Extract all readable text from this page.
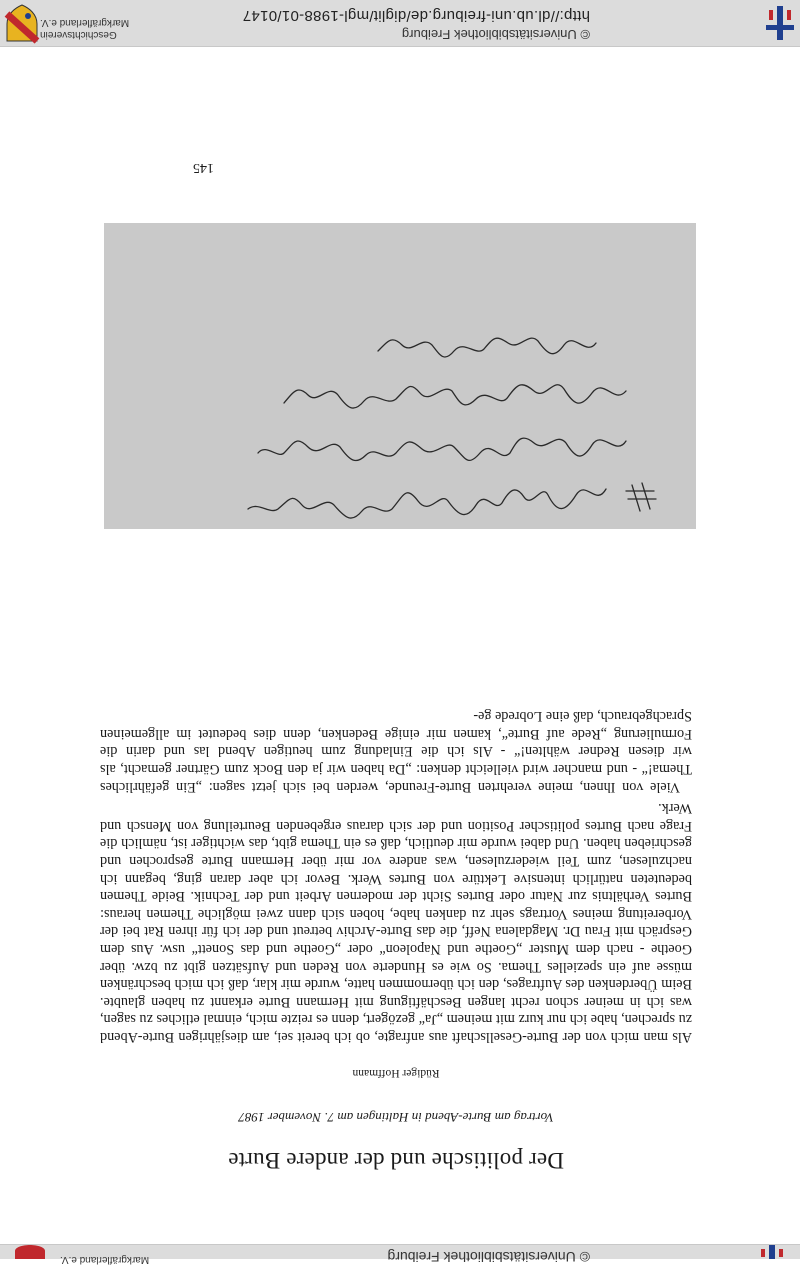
© Universitätsbibliothek Freiburg
http://dl.ub.uni-freiburg.de/diglit/mgl-1988-01/0147
Geschichtsverein
Markgräflerland e.V.
© Universitätsbibliothek Freiburg
Markgräflerland e.V.
Der politische und der andere Burte
Vortrag am Burte-Abend in Haltingen am 7. November 1987
Rüdiger Hoffmann

Als man mich von der Burte-Gesellschaft aus anfragte, ob ich bereit sei, am diesjährigen Burte-Abend zu sprechen, habe ich nur kurz mit meinem „Ja“ gezögert, denn es reizte mich, einmal etliches zu sagen, was ich in meiner schon recht langen Beschäftigung mit Hermann Burte erkannt zu haben glaubte. Beim Überdenken des Auftrages, den ich übernommen hatte, wurde mir klar, daß ich mich beschränken müsse auf ein spezielles Thema. So wie es Hunderte von Reden und Aufsätzen gibt zu bzw. über Goethe - nach dem Muster „Goethe und Napoleon“ oder „Goethe und das Sonett“ usw. Aus dem Gespräch mit Frau Dr. Magdalena Neff, die das Burte-Archiv betreut und der ich für ihren Rat bei der Vorbereitung meines Vortrags sehr zu danken habe, hoben sich dann zwei mögliche Themen heraus: Burtes Verhältnis zur Natur oder Burtes Sicht der modernen Arbeit und der Technik. Beide Themen bedeuteten natürlich intensive Lektüre von Burtes Werk. Bevor ich aber daran ging, begann ich nachzulesen, zum Teil wiederzulesen, was andere vor mir über Hermann Burte gesprochen und geschrieben haben. Und dabei wurde mir deutlich, daß es ein Thema gibt, das wichtiger ist, nämlich die Frage nach Burtes politischer Position und der sich daraus ergebenden Beurteilung von Mensch und Werk.

Viele von Ihnen, meine verehrten Burte-Freunde, werden bei sich jetzt sagen: „Ein gefährliches Thema!“ - und mancher wird vielleicht denken: „Da haben wir ja den Bock zum Gärtner gemacht, als wir diesen Redner wählten!“ - Als ich die Einladung zum heutigen Abend las und darin die Formulierung „Rede auf Burte“, kamen mir einige Bedenken, denn dies bedeutet im allgemeinen Sprachgebrauch, daß eine Lobrede ge-

145
